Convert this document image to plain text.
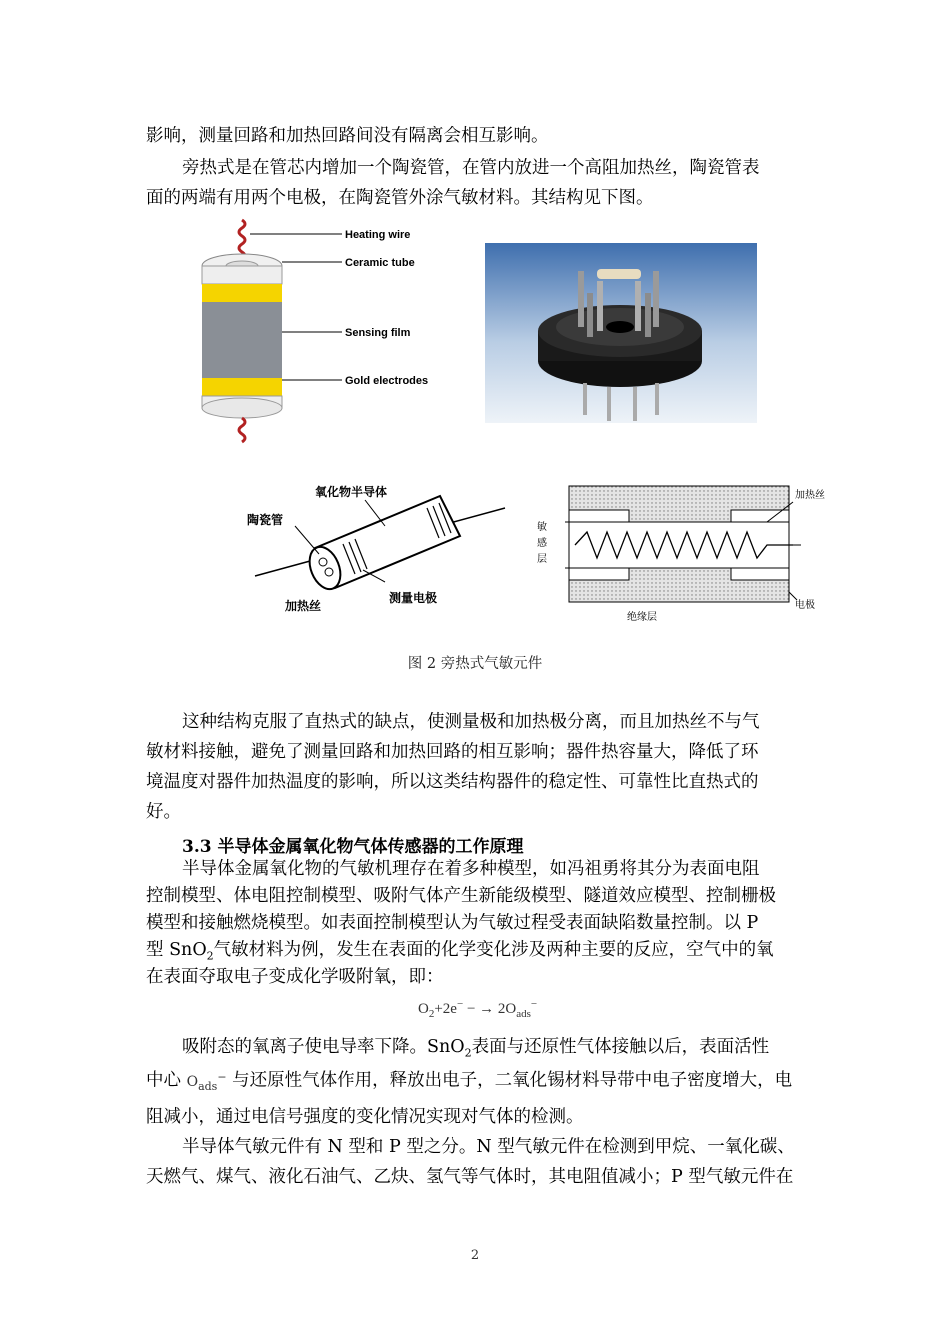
影响，测量回路和加热回路间没有隔离会相互影响。
旁热式是在管芯内增加一个陶瓷管，在管内放进一个高阻加热丝，陶瓷管表
面的两端有用两个电极，在陶瓷管外涂气敏材料。其结构见下图。
Heating wire
Ceramic tube
Sensing film
Gold electrodes
氧化物半导体
陶瓷管
加热丝
测量电极
加热丝
敏
感
层
电极
绝缘层
图 2 旁热式气敏元件
这种结构克服了直热式的缺点，使测量极和加热极分离，而且加热丝不与气
敏材料接触，避免了测量回路和加热回路的相互影响；器件热容量大，降低了环
境温度对器件加热温度的影响，所以这类结构器件的稳定性、可靠性比直热式的
好。
3.3 半导体金属氧化物气体传感器的工作原理
半导体金属氧化物的气敏机理存在着多种模型，如冯祖勇将其分为表面电阻
控制模型、体电阻控制模型、吸附气体产生新能级模型、隧道效应模型、控制栅极
模型和接触燃烧模型。如表面控制模型认为气敏过程受表面缺陷数量控制。以 P
型 SnO$_2$气敏材料为例，发生在表面的化学变化涉及两种主要的反应，空气中的氧
在表面夺取电子变成化学吸附氧，即：
$O_2+2e^-$ − → $2O_{ads}^-$
吸附态的氧离子使电导率下降。SnO$_2$表面与还原性气体接触以后，表面活性
中心 $O_{ads}^-$ 与还原性气体作用，释放出电子，二氧化锡材料导带中电子密度增大，电
阻减小，通过电信号强度的变化情况实现对气体的检测。
半导体气敏元件有 N 型和 P 型之分。N 型气敏元件在检测到甲烷、一氧化碳、
天燃气、煤气、液化石油气、乙炔、氢气等气体时，其电阻值减小；P 型气敏元件在
2
